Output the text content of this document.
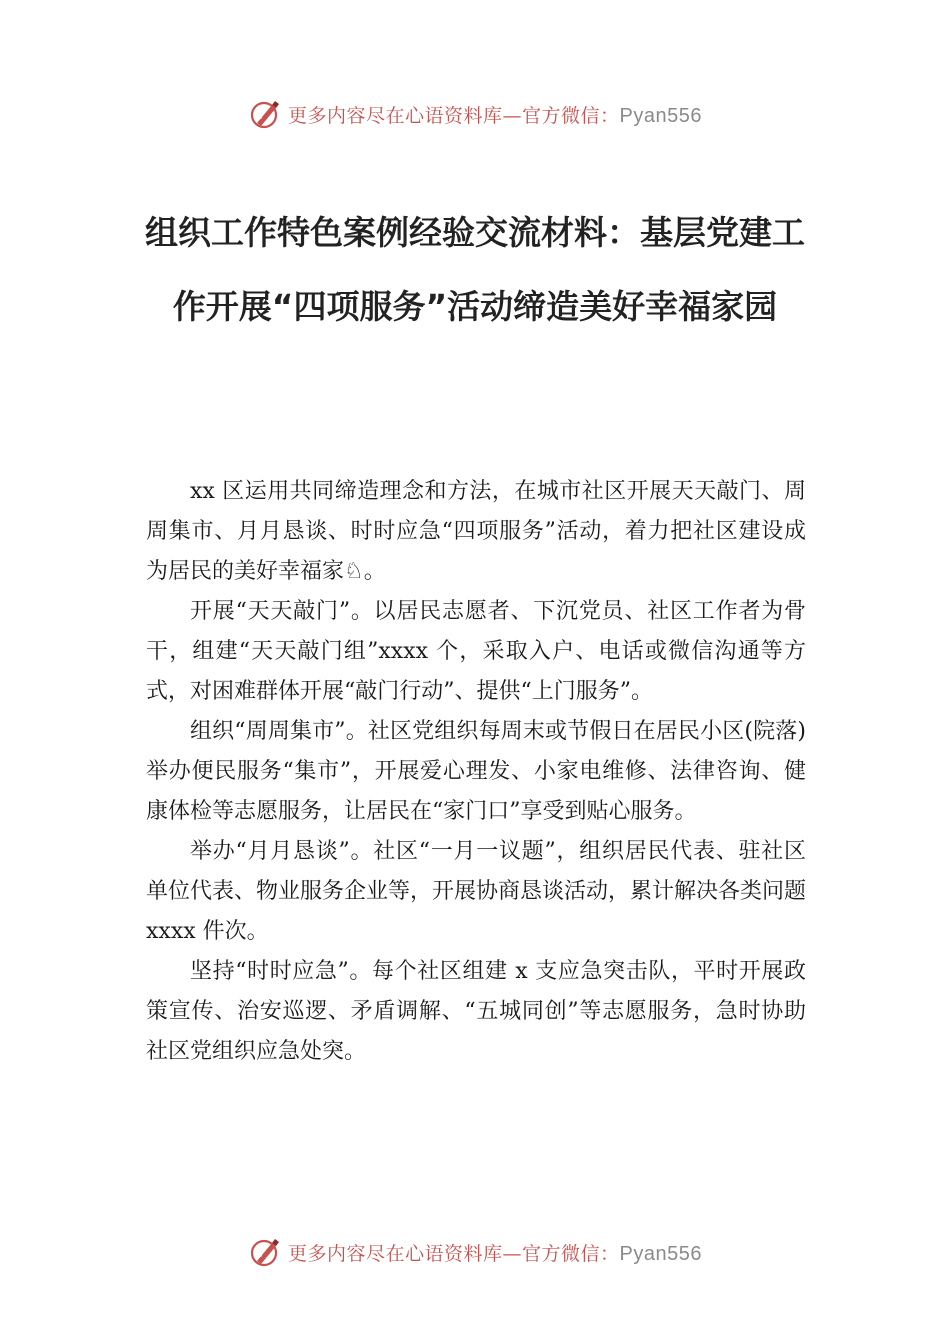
更多内容尽在心语资料库—官方微信：Pyan556
组织工作特色案例经验交流材料：基层党建工作开展“四项服务”活动缔造美好幸福家园

xx 区运用共同缔造理念和方法，在城市社区开展天天敲门、周周集市、月月恳谈、时时应急“四项服务”活动，着力把社区建设成为居民的美好幸福家♘。

开展“天天敲门”。以居民志愿者、下沉党员、社区工作者为骨干，组建“天天敲门组”xxxx 个，采取入户、电话或微信沟通等方式，对困难群体开展“敲门行动”、提供“上门服务”。

组织“周周集市”。社区党组织每周末或节假日在居民小区(院落)举办便民服务“集市”，开展爱心理发、小家电维修、法律咨询、健康体检等志愿服务，让居民在“家门口”享受到贴心服务。

举办“月月恳谈”。社区“一月一议题”，组织居民代表、驻社区单位代表、物业服务企业等，开展协商恳谈活动，累计解决各类问题 xxxx 件次。

坚持“时时应急”。每个社区组建 x 支应急突击队，平时开展政策宣传、治安巡逻、矛盾调解、“五城同创”等志愿服务，急时协助社区党组织应急处突。

更多内容尽在心语资料库—官方微信：Pyan556
